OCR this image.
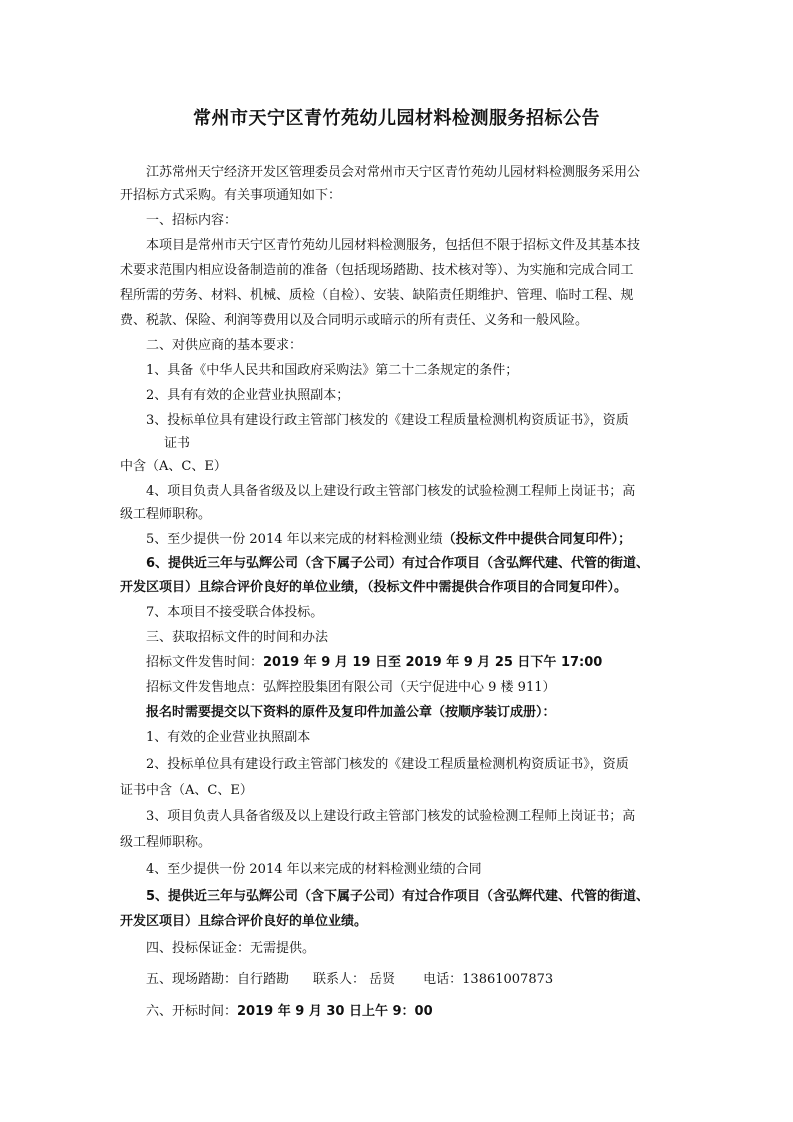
常州市天宁区青竹苑幼儿园材料检测服务招标公告
江苏常州天宁经济开发区管理委员会对常州市天宁区青竹苑幼儿园材料检测服务采用公
开招标方式采购。有关事项通知如下：
一、招标内容：
本项目是常州市天宁区青竹苑幼儿园材料检测服务，包括但不限于招标文件及其基本技
术要求范围内相应设备制造前的准备（包括现场踏勘、技术核对等）、为实施和完成合同工
程所需的劳务、材料、机械、质检（自检）、安装、缺陷责任期维护、管理、临时工程、规
费、税款、保险、利润等费用以及合同明示或暗示的所有责任、义务和一般风险。
二、对供应商的基本要求：
1、具备《中华人民共和国政府采购法》第二十二条规定的条件；
2、具有有效的企业营业执照副本；
3、投标单位具有建设行政主管部门核发的《建设工程质量检测机构资质证书》，资质
证书
中含（A、C、E）
4、项目负责人具备省级及以上建设行政主管部门核发的试验检测工程师上岗证书；高
级工程师职称。
5、至少提供一份 2014 年以来完成的材料检测业绩（投标文件中提供合同复印件）；
6、提供近三年与弘辉公司（含下属子公司）有过合作项目（含弘辉代建、代管的街道、
开发区项目）且综合评价良好的单位业绩，（投标文件中需提供合作项目的合同复印件）。
7、本项目不接受联合体投标。
三、获取招标文件的时间和办法
招标文件发售时间：2019 年 9 月 19 日至 2019 年 9 月 25 日下午 17:00
招标文件发售地点：弘辉控股集团有限公司（天宁促进中心 9 楼 911）
报名时需要提交以下资料的原件及复印件加盖公章（按顺序装订成册）：
1、有效的企业营业执照副本
2、投标单位具有建设行政主管部门核发的《建设工程质量检测机构资质证书》，资质
证书中含（A、C、E）
3、项目负责人具备省级及以上建设行政主管部门核发的试验检测工程师上岗证书；高
级工程师职称。
4、至少提供一份 2014 年以来完成的材料检测业绩的合同
5、提供近三年与弘辉公司（含下属子公司）有过合作项目（含弘辉代建、代管的街道、
开发区项目）且综合评价良好的单位业绩。
四、投标保证金：无需提供。
五、现场踏勘：自行踏勘 联系人： 岳贤 电话：13861007873
六、开标时间：2019 年 9 月 30 日上午 9：00
